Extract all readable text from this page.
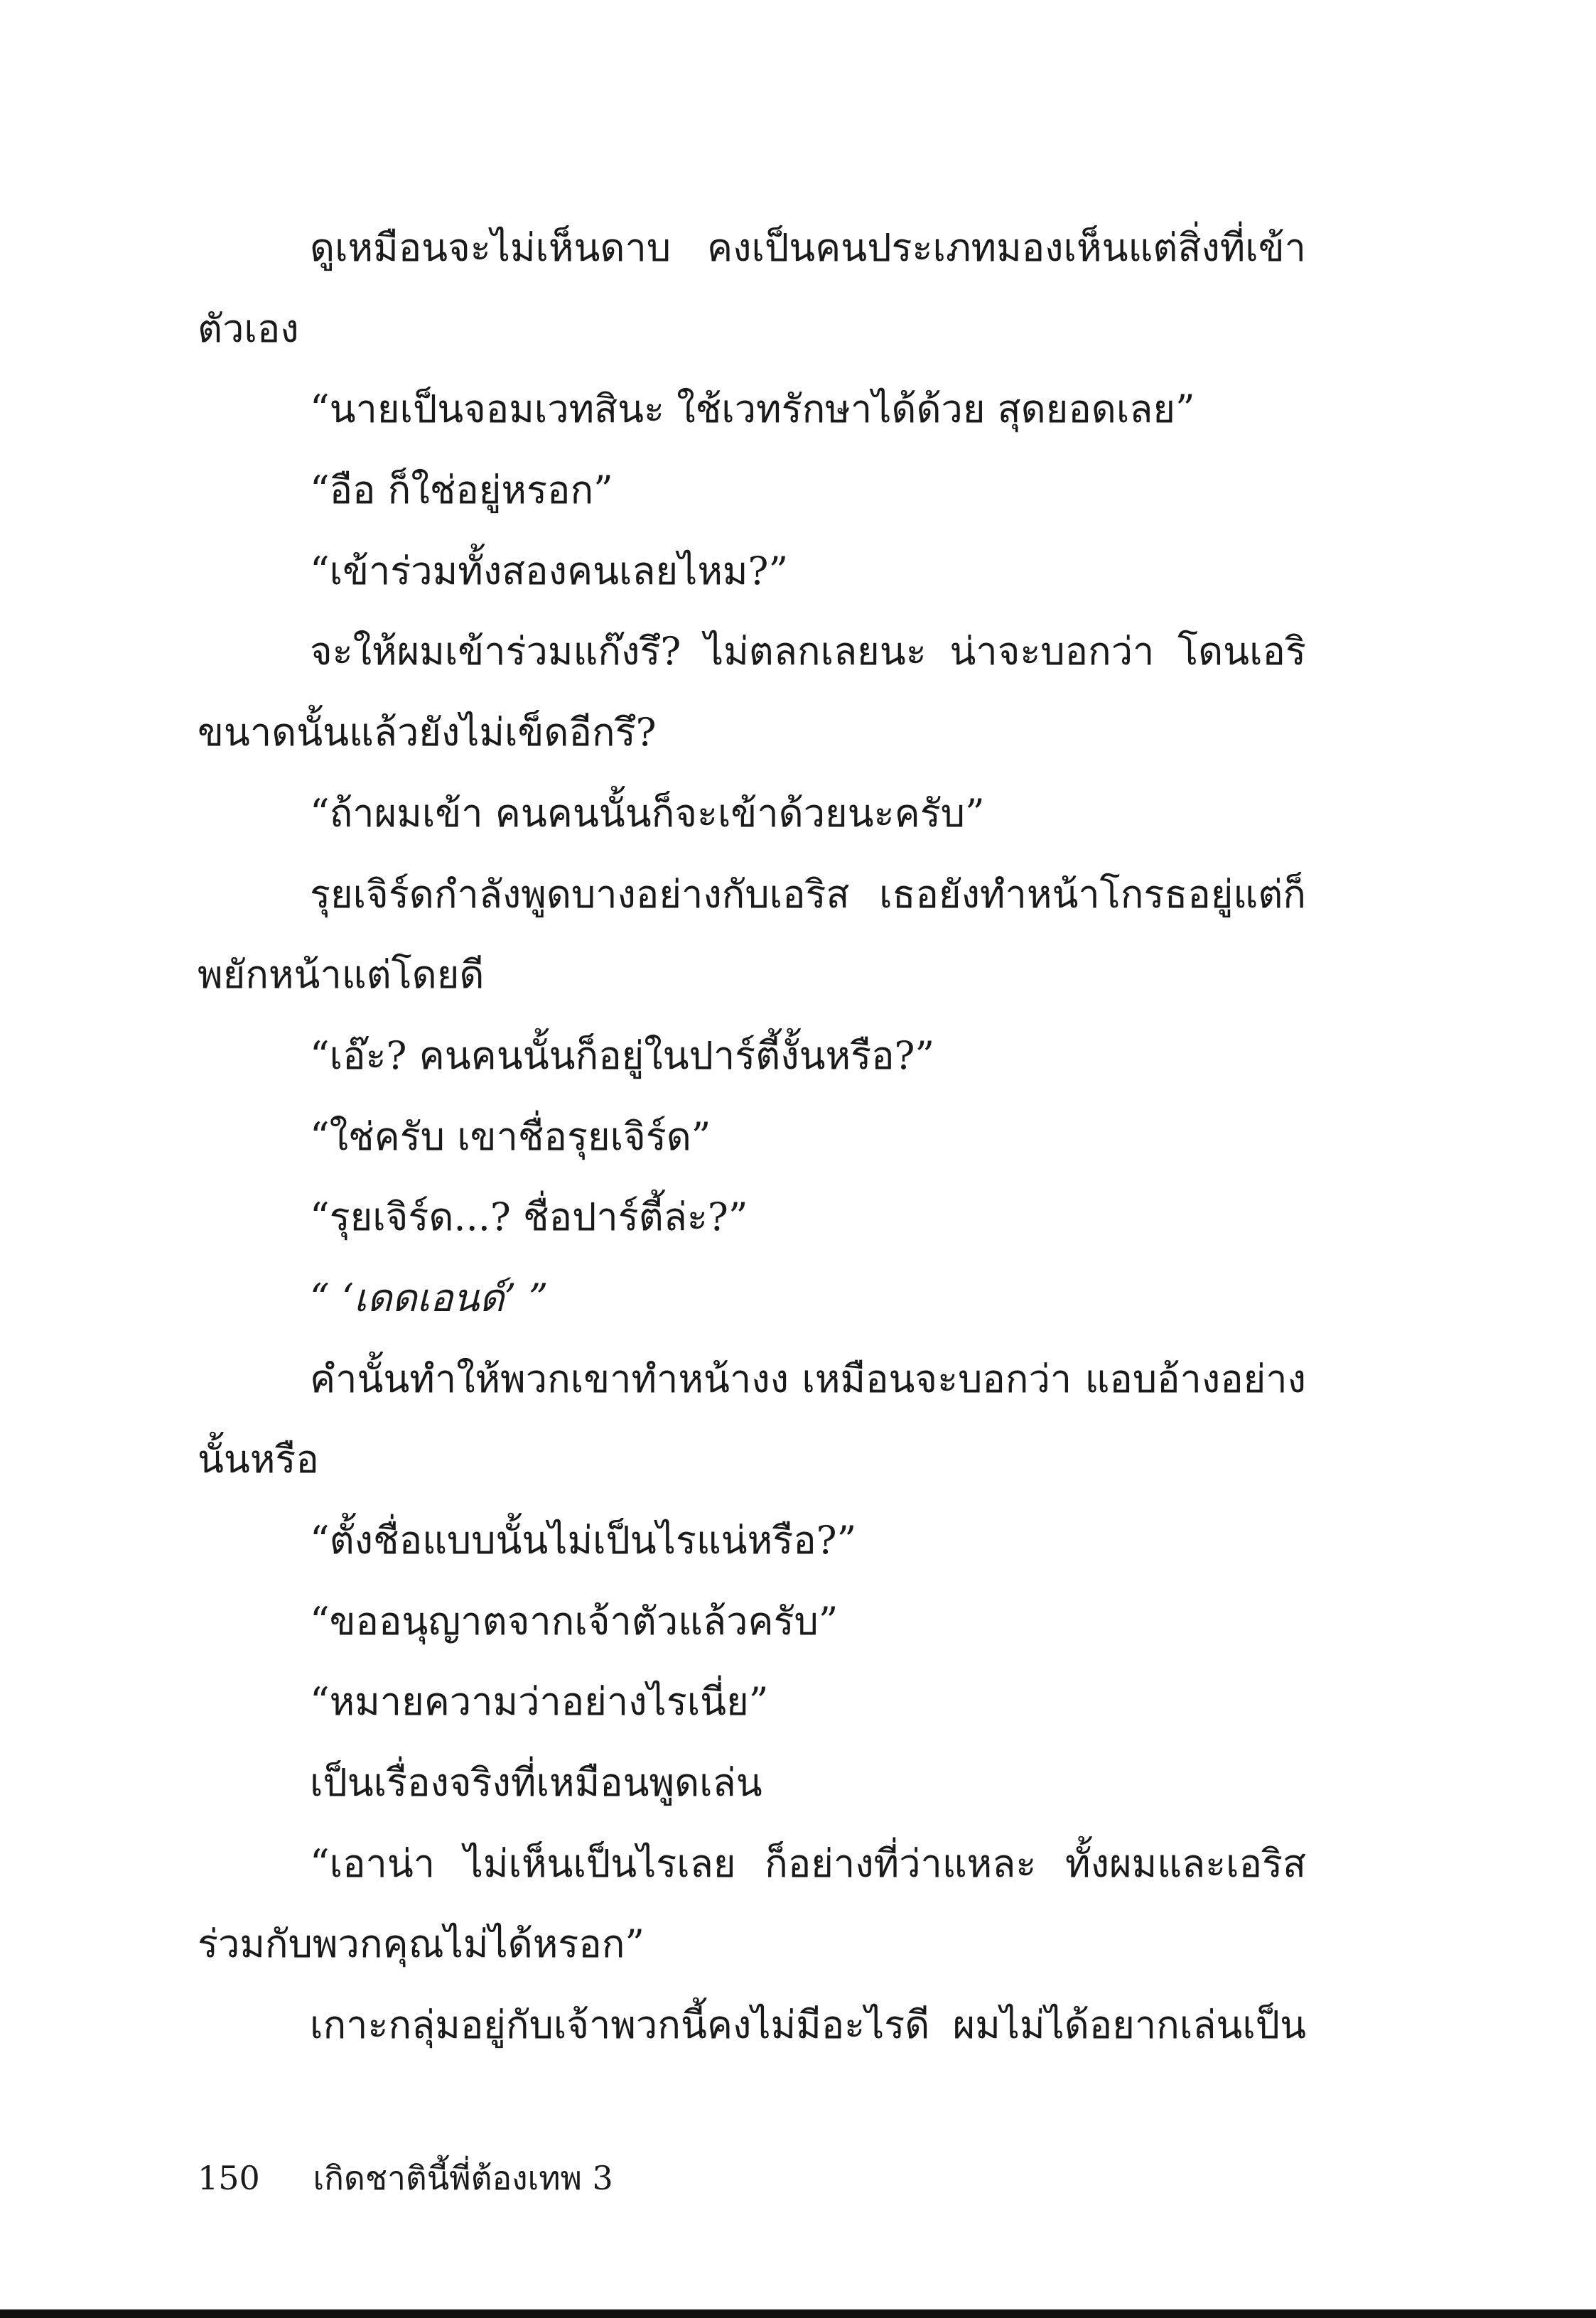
ดูเหมือนจะไม่เห็นดาบ คงเป็นคนประเภทมองเห็นแต่สิ่งที่เข้า
ตัวเอง
“นายเป็นจอมเวทสินะ ใช้เวทรักษาได้ด้วย สุดยอดเลย”
“อือ ก็ใช่อยู่หรอก”
“เข้าร่วมทั้งสองคนเลยไหม?”
จะให้ผมเข้าร่วมแก๊งรึ? ไม่ตลกเลยนะ น่าจะบอกว่า โดนเอริ
ขนาดนั้นแล้วยังไม่เข็ดอีกรึ?
“ถ้าผมเข้า คนคนนั้นก็จะเข้าด้วยนะครับ”
รุยเจิร์ดกำลังพูดบางอย่างกับเอริส เธอยังทำหน้าโกรธอยู่แต่ก็
พยักหน้าแต่โดยดี
“เอ๊ะ? คนคนนั้นก็อยู่ในปาร์ตี้งั้นหรือ?”
“ใช่ครับ เขาชื่อรุยเจิร์ด”
“รุยเจิร์ด...? ชื่อปาร์ตี้ล่ะ?”
“ ‘เดดเอนด์’ ”
คำนั้นทำให้พวกเขาทำหน้างง เหมือนจะบอกว่า แอบอ้างอย่าง
นั้นหรือ
“ตั้งชื่อแบบนั้นไม่เป็นไรแน่หรือ?”
“ขออนุญาตจากเจ้าตัวแล้วครับ”
“หมายความว่าอย่างไรเนี่ย”
เป็นเรื่องจริงที่เหมือนพูดเล่น
“เอาน่า ไม่เห็นเป็นไรเลย ก็อย่างที่ว่าแหละ ทั้งผมและเอริส
ร่วมกับพวกคุณไม่ได้หรอก”
เกาะกลุ่มอยู่กับเจ้าพวกนี้คงไม่มีอะไรดี ผมไม่ได้อยากเล่นเป็น
150 เกิดชาตินี้พี่ต้องเทพ 3
